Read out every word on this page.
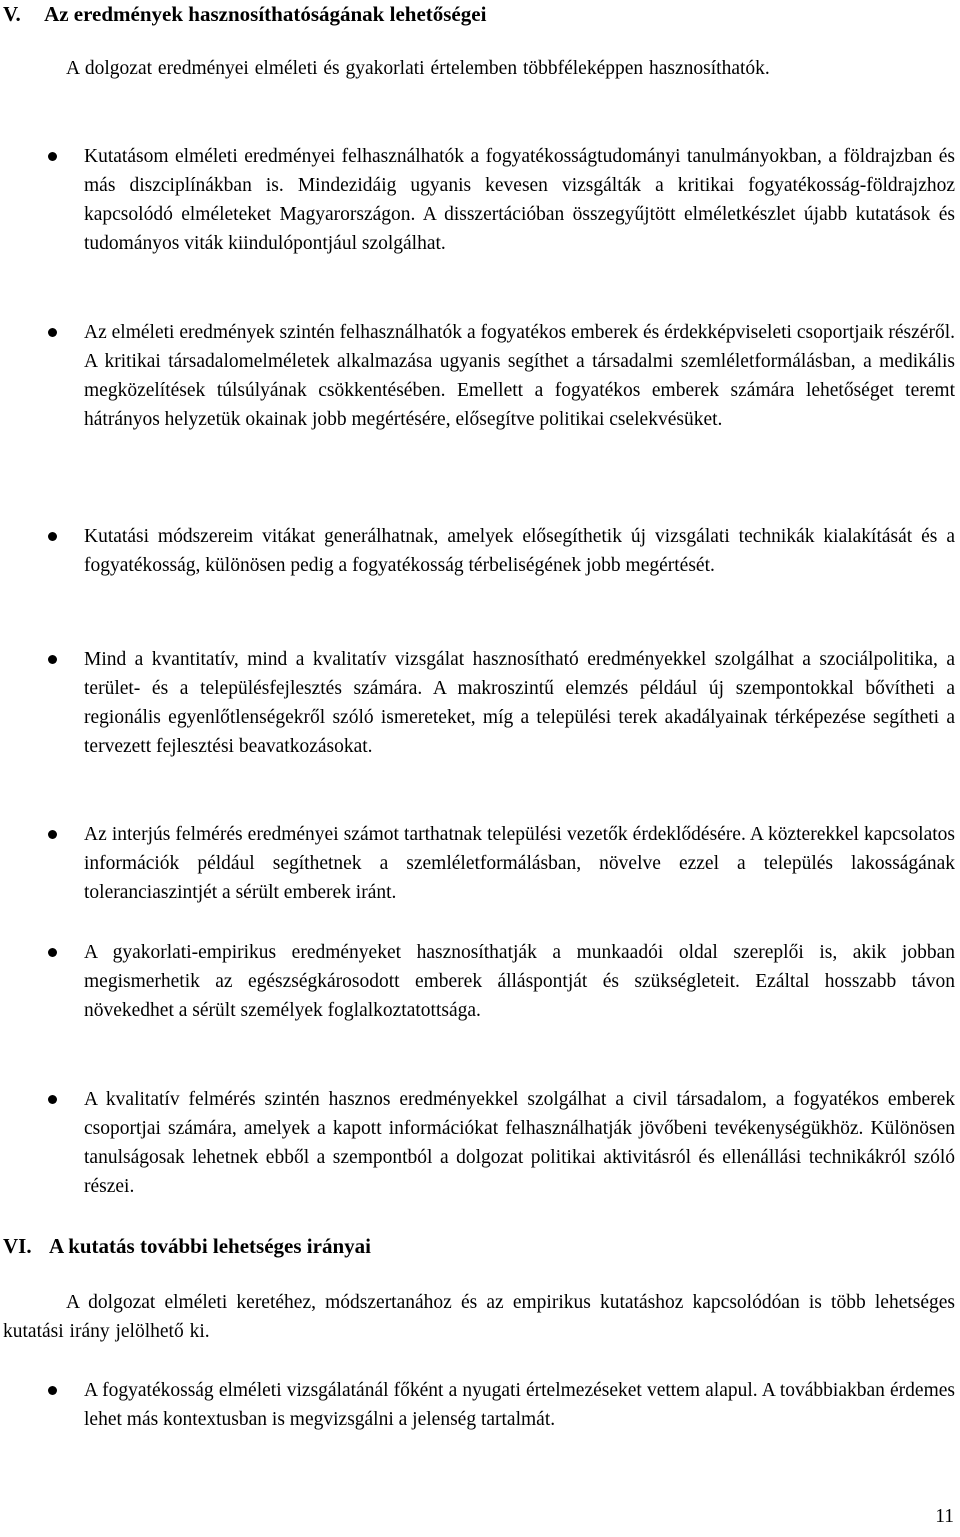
V. Az eredmények hasznosíthatóságának lehetőségei

A dolgozat eredményei elméleti és gyakorlati értelemben többféleképpen hasznosíthatók.

Kutatásom elméleti eredményei felhasználhatók a fogyatékosságtudományi tanulmányokban, a földrajzban és más diszciplínákban is. Mindezidáig ugyanis kevesen vizsgálták a kritikai fogyatékosság-földrajzhoz kapcsolódó elméleteket Magyarországon. A disszertációban összegyűjtött elméletkészlet újabb kutatások és tudományos viták kiindulópontjául szolgálhat.
Az elméleti eredmények szintén felhasználhatók a fogyatékos emberek és érdekképviseleti csoportjaik részéről. A kritikai társadalomelméletek alkalmazása ugyanis segíthet a társadalmi szemléletformálásban, a medikális megközelítések túlsúlyának csökkentésében. Emellett a fogyatékos emberek számára lehetőséget teremt hátrányos helyzetük okainak jobb megértésére, elősegítve politikai cselekvésüket.
Kutatási módszereim vitákat generálhatnak, amelyek elősegíthetik új vizsgálati technikák kialakítását és a fogyatékosság, különösen pedig a fogyatékosság térbeliségének jobb megértését.
Mind a kvantitatív, mind a kvalitatív vizsgálat hasznosítható eredményekkel szolgálhat a szociálpolitika, a terület- és a településfejlesztés számára. A makroszintű elemzés például új szempontokkal bővítheti a regionális egyenlőtlenségekről szóló ismereteket, míg a települési terek akadályainak térképezése segítheti a tervezett fejlesztési beavatkozásokat.
Az interjús felmérés eredményei számot tarthatnak települési vezetők érdeklődésére. A közterekkel kapcsolatos információk például segíthetnek a szemléletformálásban, növelve ezzel a település lakosságának toleranciaszintjét a sérült emberek iránt.
A gyakorlati-empirikus eredményeket hasznosíthatják a munkaadói oldal szereplői is, akik jobban megismerhetik az egészségkárosodott emberek álláspontját és szükségleteit. Ezáltal hosszabb távon növekedhet a sérült személyek foglalkoztatottsága.
A kvalitatív felmérés szintén hasznos eredményekkel szolgálhat a civil társadalom, a fogyatékos emberek csoportjai számára, amelyek a kapott információkat felhasználhatják jövőbeni tevékenységükhöz. Különösen tanulságosak lehetnek ebből a szempontból a dolgozat politikai aktivitásról és ellenállási technikákról szóló részei.
VI. A kutatás további lehetséges irányai

A dolgozat elméleti keretéhez, módszertanához és az empirikus kutatáshoz kapcsolódóan is több lehetséges kutatási irány jelölhető ki.

A fogyatékosság elméleti vizsgálatánál főként a nyugati értelmezéseket vettem alapul. A továbbiakban érdemes lehet más kontextusban is megvizsgálni a jelenség tartalmát.
11
